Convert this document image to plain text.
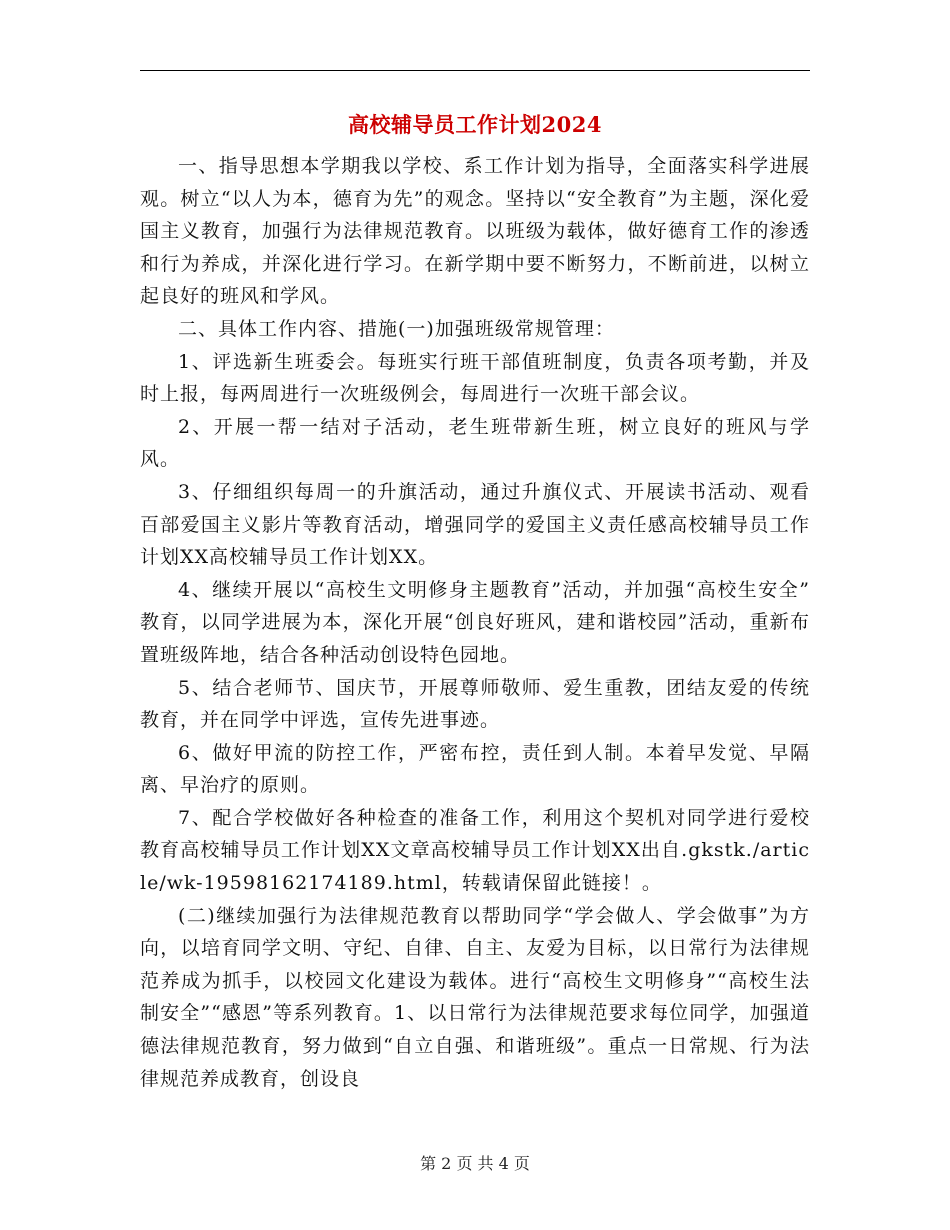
高校辅导员工作计划2024

一、指导思想本学期我以学校、系工作计划为指导，全面落实科学进展观。树立“以人为本，德育为先”的观念。坚持以“安全教育”为主题，深化爱国主义教育，加强行为法律规范教育。以班级为载体，做好德育工作的渗透和行为养成，并深化进行学习。在新学期中要不断努力，不断前进，以树立起良好的班风和学风。

二、具体工作内容、措施(一)加强班级常规管理：

1、评选新生班委会。每班实行班干部值班制度，负责各项考勤，并及时上报，每两周进行一次班级例会，每周进行一次班干部会议。

2、开展一帮一结对子活动，老生班带新生班，树立良好的班风与学风。

3、仔细组织每周一的升旗活动，通过升旗仪式、开展读书活动、观看百部爱国主义影片等教育活动，增强同学的爱国主义责任感高校辅导员工作计划XX高校辅导员工作计划XX。

4、继续开展以“高校生文明修身主题教育”活动，并加强“高校生安全” 教育，以同学进展为本，深化开展“创良好班风，建和谐校园”活动，重新布置班级阵地，结合各种活动创设特色园地。

5、结合老师节、国庆节，开展尊师敬师、爱生重教，团结友爱的传统教育，并在同学中评选，宣传先进事迹。

6、做好甲流的防控工作，严密布控，责任到人制。本着早发觉、早隔离、早治疗的原则。

7、配合学校做好各种检查的准备工作，利用这个契机对同学进行爱校教育高校辅导员工作计划XX文章高校辅导员工作计划XX出自.gkstk./article/wk-19598162174189.html，转载请保留此链接！。

(二)继续加强行为法律规范教育以帮助同学“学会做人、学会做事”为方向，以培育同学文明、守纪、自律、自主、友爱为目标，以日常行为法律规范养成为抓手，以校园文化建设为载体。进行“高校生文明修身”“高校生法制安全”“感恩”等系列教育。1、以日常行为法律规范要求每位同学，加强道德法律规范教育，努力做到“自立自强、和谐班级”。重点一日常规、行为法律规范养成教育，创设良

第 2 页 共 4 页
